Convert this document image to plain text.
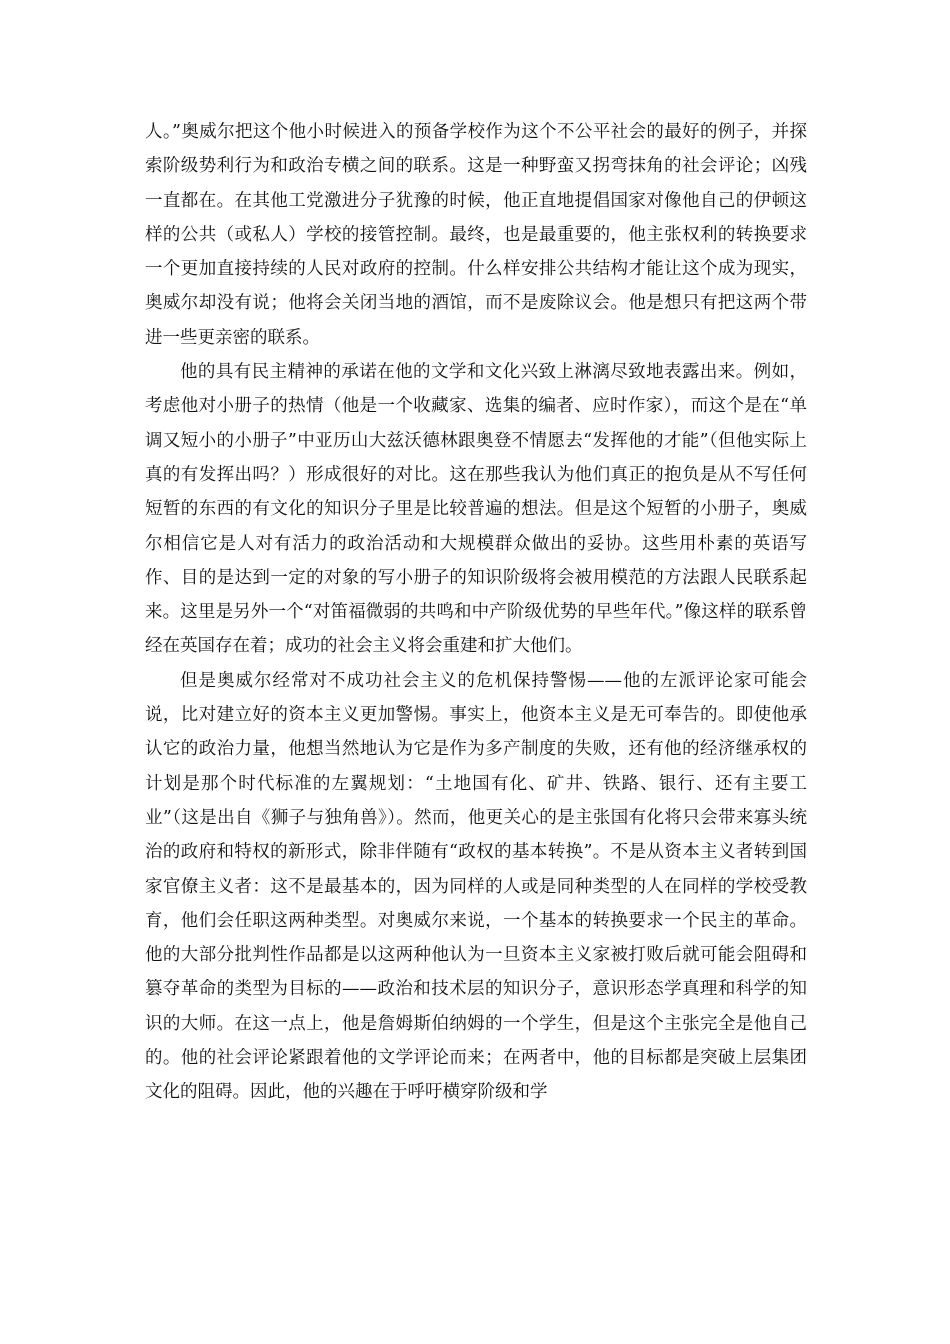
人。”奥威尔把这个他小时候进入的预备学校作为这个不公平社会的最好的例子，并探索阶级势利行为和政治专横之间的联系。这是一种野蛮又拐弯抹角的社会评论；凶残一直都在。在其他工党激进分子犹豫的时候，他正直地提倡国家对像他自己的伊顿这样的公共（或私人）学校的接管控制。最终，也是最重要的，他主张权利的转换要求一个更加直接持续的人民对政府的控制。什么样安排公共结构才能让这个成为现实，奥威尔却没有说；他将会关闭当地的酒馆，而不是废除议会。他是想只有把这两个带进一些更亲密的联系。

他的具有民主精神的承诺在他的文学和文化兴致上淋漓尽致地表露出来。例如，考虑他对小册子的热情（他是一个收藏家、选集的编者、应时作家），而这个是在“单调又短小的小册子”中亚历山大兹沃德林跟奥登不情愿去“发挥他的才能”（但他实际上真的有发挥出吗？）形成很好的对比。这在那些我认为他们真正的抱负是从不写任何短暂的东西的有文化的知识分子里是比较普遍的想法。但是这个短暂的小册子，奥威尔相信它是人对有活力的政治活动和大规模群众做出的妥协。这些用朴素的英语写作、目的是达到一定的对象的写小册子的知识阶级将会被用模范的方法跟人民联系起来。这里是另外一个“对笛福微弱的共鸣和中产阶级优势的早些年代。”像这样的联系曾经在英国存在着；成功的社会主义将会重建和扩大他们。

但是奥威尔经常对不成功社会主义的危机保持警惕——他的左派评论家可能会说，比对建立好的资本主义更加警惕。事实上，他资本主义是无可奉告的。即使他承认它的政治力量，他想当然地认为它是作为多产制度的失败，还有他的经济继承权的计划是那个时代标准的左翼规划：“土地国有化、矿井、铁路、银行、还有主要工业”（这是出自《狮子与独角兽》）。然而，他更关心的是主张国有化将只会带来寡头统治的政府和特权的新形式，除非伴随有“政权的基本转换”。不是从资本主义者转到国家官僚主义者：这不是最基本的，因为同样的人或是同种类型的人在同样的学校受教育，他们会任职这两种类型。对奥威尔来说，一个基本的转换要求一个民主的革命。他的大部分批判性作品都是以这两种他认为一旦资本主义家被打败后就可能会阻碍和篡夺革命的类型为目标的——政治和技术层的知识分子，意识形态学真理和科学的知识的大师。在这一点上，他是詹姆斯伯纳姆的一个学生，但是这个主张完全是他自己的。他的社会评论紧跟着他的文学评论而来；在两者中，他的目标都是突破上层集团文化的阻碍。因此，他的兴趣在于呼吁横穿阶级和学
